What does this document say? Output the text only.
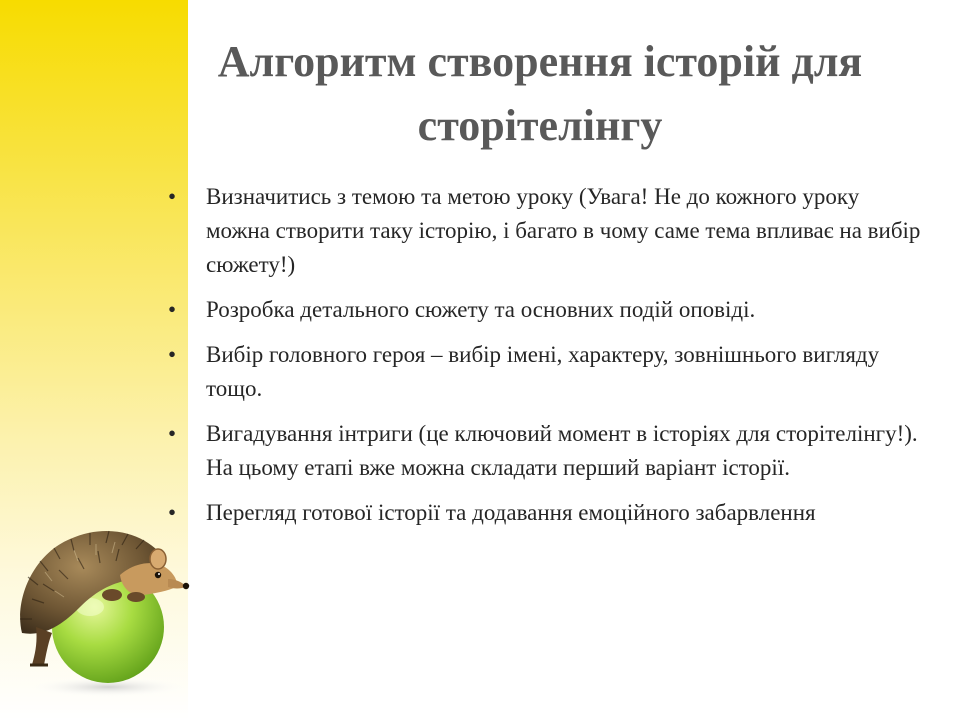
Алгоритм створення історій для сторітелінгу
•	Визначитись з темою та метою уроку (Увага! Не до кожного уроку можна створити таку історію, і багато в чому саме тема впливає на вибір сюжету!)
•	Розробка детального сюжету та основних подій оповіді.
•	Вибір головного героя – вибір імені, характеру, зовнішнього вигляду тощо.
•	Вигадування інтриги (це ключовий момент в історіях для сторітелінгу!). На цьому етапі вже можна складати перший варіант історії.
•	Перегляд готової історії та додавання емоційного забарвлення
